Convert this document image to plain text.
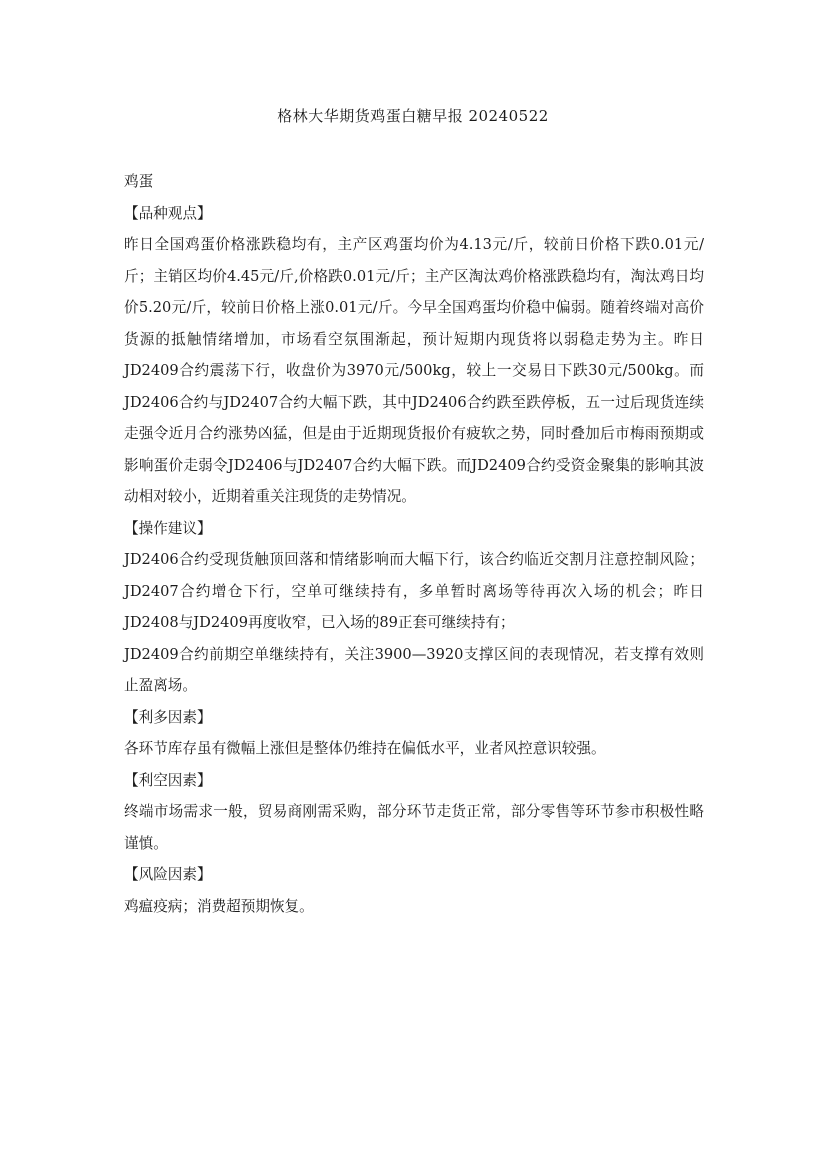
格林大华期货鸡蛋白糖早报 20240522

鸡蛋

【品种观点】

昨日全国鸡蛋价格涨跌稳均有，主产区鸡蛋均价为4.13元/斤，较前日价格下跌0.01元/斤；主销区均价4.45元/斤,价格跌0.01元/斤；主产区淘汰鸡价格涨跌稳均有，淘汰鸡日均价5.20元/斤，较前日价格上涨0.01元/斤。今早全国鸡蛋均价稳中偏弱。随着终端对高价货源的抵触情绪增加，市场看空氛围渐起，预计短期内现货将以弱稳走势为主。昨日JD2409合约震荡下行，收盘价为3970元/500kg，较上一交易日下跌30元/500kg。而JD2406合约与JD2407合约大幅下跌，其中JD2406合约跌至跌停板，五一过后现货连续走强令近月合约涨势凶猛，但是由于近期现货报价有疲软之势，同时叠加后市梅雨预期或影响蛋价走弱令JD2406与JD2407合约大幅下跌。而JD2409合约受资金聚集的影响其波动相对较小，近期着重关注现货的走势情况。

【操作建议】

JD2406合约受现货触顶回落和情绪影响而大幅下行，该合约临近交割月注意控制风险；JD2407合约增仓下行，空单可继续持有，多单暂时离场等待再次入场的机会；昨日JD2408与JD2409再度收窄，已入场的89正套可继续持有；

JD2409合约前期空单继续持有，关注3900—3920支撑区间的表现情况，若支撑有效则止盈离场。

【利多因素】

各环节库存虽有微幅上涨但是整体仍维持在偏低水平，业者风控意识较强。

【利空因素】

终端市场需求一般，贸易商刚需采购，部分环节走货正常，部分零售等环节参市积极性略谨慎。

【风险因素】

鸡瘟疫病；消费超预期恢复。
